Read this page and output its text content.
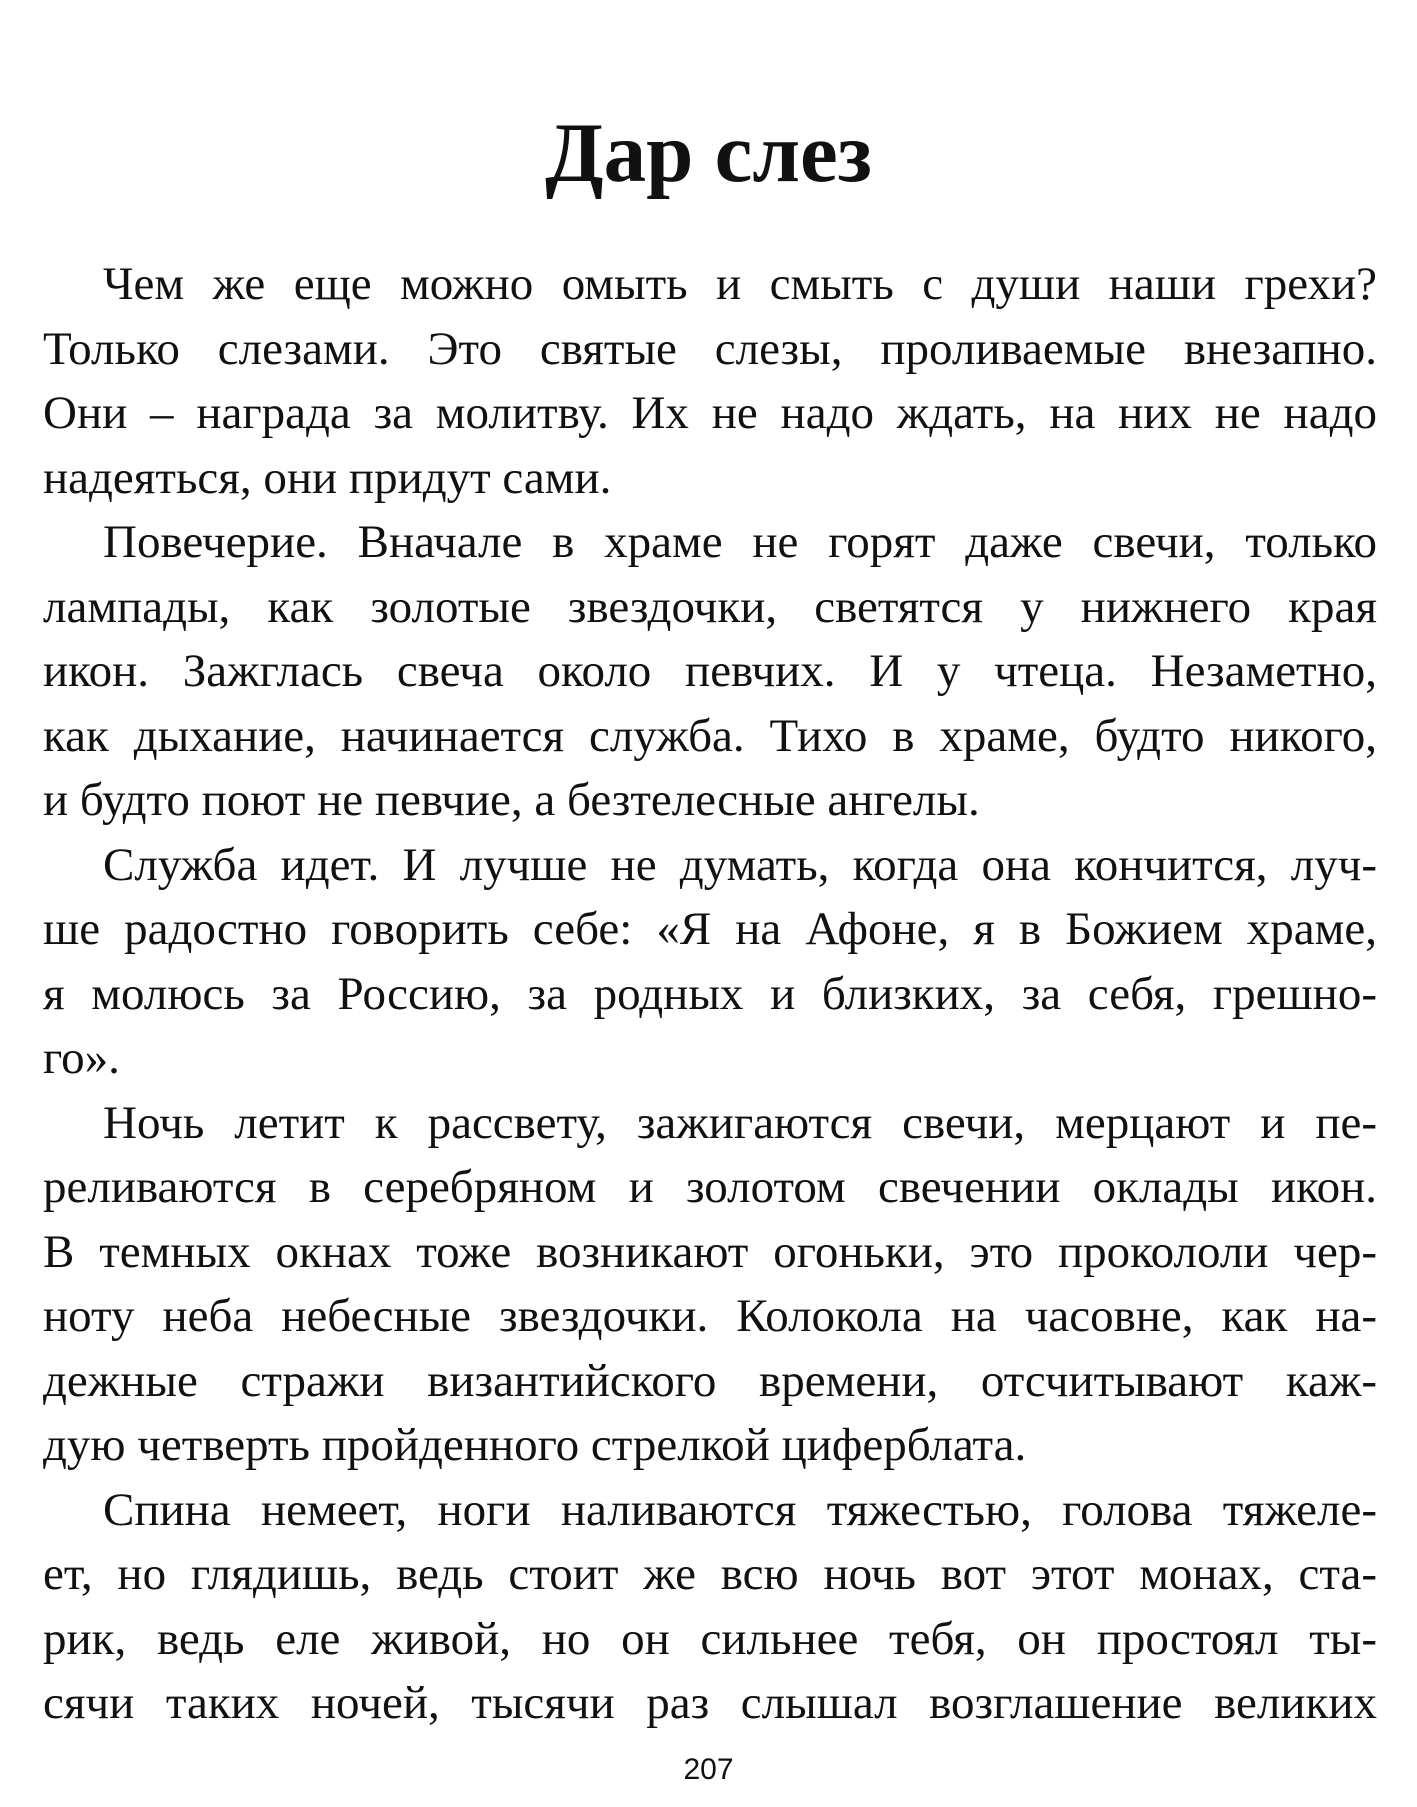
Дар слез
Чем же еще можно омыть и смыть с души наши грехи?
Только слезами. Это святые слезы, проливаемые внезапно.
Они – награда за молитву. Их не надо ждать, на них не надо
надеяться, они придут сами.
Повечерие. Вначале в храме не горят даже свечи, только
лампады, как золотые звездочки, светятся у нижнего края
икон. Зажглась свеча около певчих. И у чтеца. Незаметно,
как дыхание, начинается служба. Тихо в храме, будто никого,
и будто поют не певчие, а безтелесные ангелы.
Служба идет. И лучше не думать, когда она кончится, луч-
ше радостно говорить себе: «Я на Афоне, я в Божием храме,
я молюсь за Россию, за родных и близких, за себя, грешно-
го».
Ночь летит к рассвету, зажигаются свечи, мерцают и пе-
реливаются в серебряном и золотом свечении оклады икон.
В темных окнах тоже возникают огоньки, это прокололи чер-
ноту неба небесные звездочки. Колокола на часовне, как на-
дежные стражи византийского времени, отсчитывают каж-
дую четверть пройденного стрелкой циферблата.
Спина немеет, ноги наливаются тяжестью, голова тяжеле-
ет, но глядишь, ведь стоит же всю ночь вот этот монах, ста-
рик, ведь еле живой, но он сильнее тебя, он простоял ты-
сячи таких ночей, тысячи раз слышал возглашение великих
207
